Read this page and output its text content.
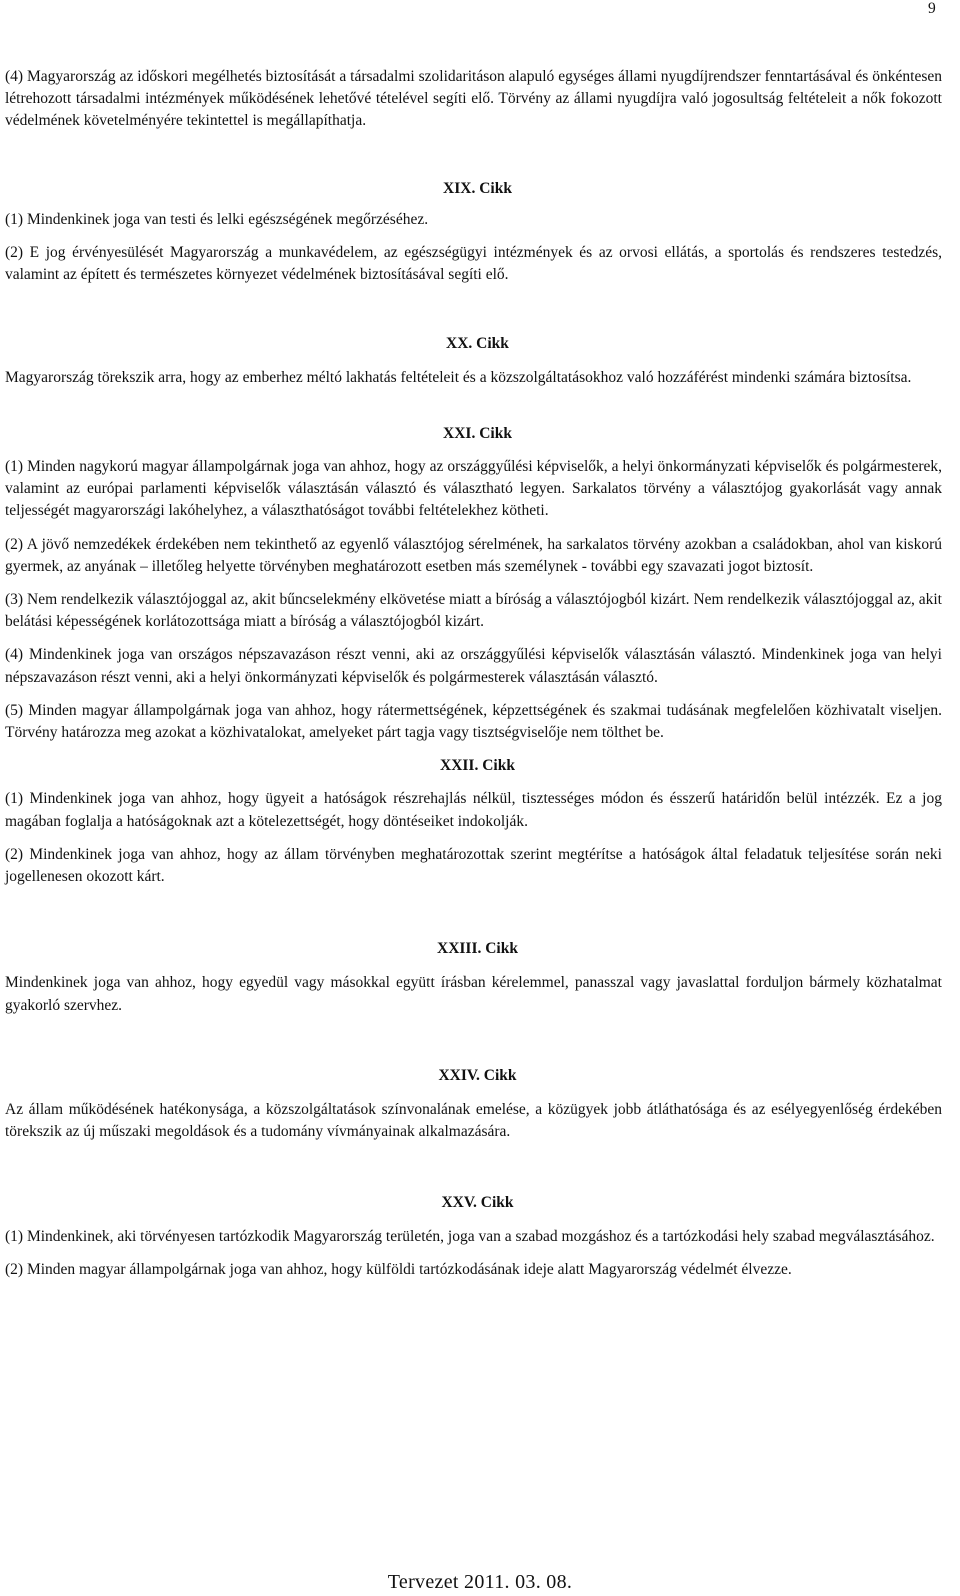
9

(4) Magyarország az időskori megélhetés biztosítását a társadalmi szolidaritáson alapuló egységes állami nyugdíjrendszer fenntartásával és önkéntesen létrehozott társadalmi intézmények működésének lehetővé tételével segíti elő. Törvény az állami nyugdíjra való jogosultság feltételeit a nők fokozott védelmének követelményére tekintettel is megállapíthatja.

XIX. Cikk

(1) Mindenkinek joga van testi és lelki egészségének megőrzéséhez.

(2) E jog érvényesülését Magyarország a munkavédelem, az egészségügyi intézmények és az orvosi ellátás, a sportolás és rendszeres testedzés, valamint az épített és természetes környezet védelmének biztosításával segíti elő.

XX. Cikk

Magyarország törekszik arra, hogy az emberhez méltó lakhatás feltételeit és a közszolgáltatásokhoz való hozzáférést mindenki számára biztosítsa.

XXI. Cikk

(1) Minden nagykorú magyar állampolgárnak joga van ahhoz, hogy az országgyűlési képviselők, a helyi önkormányzati képviselők és polgármesterek, valamint az európai parlamenti képviselők választásán választó és választható legyen. Sarkalatos törvény a választójog gyakorlását vagy annak teljességét magyarországi lakóhelyhez, a választhatóságot további feltételekhez kötheti.

(2) A jövő nemzedékek érdekében nem tekinthető az egyenlő választójog sérelmének, ha sarkalatos törvény azokban a családokban, ahol van kiskorú gyermek, az anyának – illetőleg helyette törvényben meghatározott esetben más személynek - további egy szavazati jogot biztosít.

(3) Nem rendelkezik választójoggal az, akit bűncselekmény elkövetése miatt a bíróság a választójogból kizárt. Nem rendelkezik választójoggal az, akit belátási képességének korlátozottsága miatt a bíróság a választójogból kizárt.

(4) Mindenkinek joga van országos népszavazáson részt venni, aki az országgyűlési képviselők választásán választó. Mindenkinek joga van helyi népszavazáson részt venni, aki a helyi önkormányzati képviselők és polgármesterek választásán választó.

(5) Minden magyar állampolgárnak joga van ahhoz, hogy rátermettségének, képzettségének és szakmai tudásának megfelelően közhivatalt viseljen. Törvény határozza meg azokat a közhivatalokat, amelyeket párt tagja vagy tisztségviselője nem tölthet be.

XXII. Cikk

(1) Mindenkinek joga van ahhoz, hogy ügyeit a hatóságok részrehajlás nélkül, tisztességes módon és ésszerű határidőn belül intézzék. Ez a jog magában foglalja a hatóságoknak azt a kötelezettségét, hogy döntéseiket indokolják.

(2) Mindenkinek joga van ahhoz, hogy az állam törvényben meghatározottak szerint megtérítse a hatóságok által feladatuk teljesítése során neki jogellenesen okozott kárt.

XXIII. Cikk

Mindenkinek joga van ahhoz, hogy egyedül vagy másokkal együtt írásban kérelemmel, panasszal vagy javaslattal forduljon bármely közhatalmat gyakorló szervhez.

XXIV. Cikk

Az állam működésének hatékonysága, a közszolgáltatások színvonalának emelése, a közügyek jobb átláthatósága és az esélyegyenlőség érdekében törekszik az új műszaki megoldások és a tudomány vívmányainak alkalmazására.

XXV. Cikk

(1) Mindenkinek, aki törvényesen tartózkodik Magyarország területén, joga van a szabad mozgáshoz és a tartózkodási hely szabad megválasztásához.

(2) Minden magyar állampolgárnak joga van ahhoz, hogy külföldi tartózkodásának ideje alatt Magyarország védelmét élvezze.

Tervezet 2011. 03. 08.
